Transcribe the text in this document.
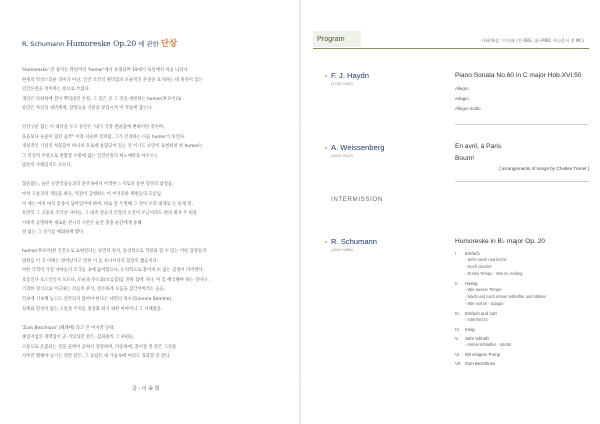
R. Schumann Humoreske Op.20 에 관한 단상

'Humoreske' 란 용어는 라틴어인 'humor'에서 유래되며 19세기 독일에서 처음 나타나
현재의 악상스러운 의미가 아닌, 인간 조건의 변덕함과 모순적인 본질을 표지하는 데 목적이 있는
인간본질을 의미하는 용으로 쓰였다.
개인은 다양성에 깊이 뿌리내린 본질, 그 깊은 곳 그 것을 대변하는 humor(후모어)로
슈만은 자신의 내면세계, 갈망들을 기분을 분리시켜 이 작품에 담는다.

악상구분 없는 이 대작을 두고 슈만은 "내가 가장 헌율함에 변하이던 것이며,
웃음보다 눈물이 담긴 음악" 이라 서술한 것처럼, 그가 전개하는 다음 humor가 보인다.
개성적인 기질의 허물함이 하나의 모토에 통합되어 있는 것 이기도 슈만이 표현하려 한 humor는
그 역설적 주관으로 전환할 수밖에 없는 인간본질의 희노애락을 아우르는
담론의 사례임지도 모른다.

협을잡는, 슬픈 슈만작품들과의 분주속에서 어색한 느끼로의 통한 형성의 낯설음,
마치 고통과의 개입을 하듯, 엇갈이 급변하는 이 어지러운 위변들의 흐름임.
이 예는 마치 아직 통증이 남아있어야 하며, 바로 앞 두번째 그 것이 우리 내게로 돈 송게 된,
슈만의 그 고통과 조각난 자아들, 그 내적 갈등과 긴장의 소산이 조금이라도 변의 필자 두 편을
시대적 공명하며 새로운 전시의 시간은 순간 총충 순간에게 통해
설 없는 그 진가를 예외하게 했다.

humor(후모어)란 인간으로 표현된다는 슈만의 정서, 통상적으로 격관화 할 수 있는 어떤 감정들의
범위를 이 곡 이에는 벗어난다고 말한 이 를 슈나이더의 함장의 짧음이다.
여한 국적이 가진 자아들의 조각들 속에 숨어있으나, 논리적으로 흩어져 수 없는 감정이 터미엔다.
호름인다 초드인인지 모르나, 모순과 푸르화(모를함)를 잔하 함에 지나, 어 있 해석해야 하는 것이다.
기괴한 형식으로 어긋내는 리듬의 분석, 전조하게 모음을 감각어버리는 음들,
악보에 기보해 놓고도 연주되지 않아야 한다는 내면의 목소리(innere Stimme),
실체와 형상이 없는 고통과 주의를 형상화 하기 위한 아마이니 그 자체였을.

'Zum Beschluss' (폐쇄에) 라고 쓴 마지막 단락,
종입지임의 정맥함이 곧 서입성만 같은, 감화종의 그 파편들,
고통으로 온몸되는 것을 균혀이 균혀서 진단하며, 악송하에, 꼼이질 것 같은 그것을
사무만 행해야 닝기는 것만 같은, 그 응답은 내 가슴속에 여러도 징화할 것 같다.

글 : 이 송 희
Program	사회/해설 : 이지와 (전 KBS, 대구MBC 아나운서 및 MC)
F. J. Haydn
(1732~1809)
Piano Sonata No.60 in C major Hob.XVI:50
Allegro
Adagio
Allegro molto
A. Weissenberg
(1929~2012)
En avril, à Paris
Boum!
[ arrangements of songs by Charles Trenet ]
INTERMISSION
R. Schumann
(1810~1856)
Humoreske in B♭ major Op. 20
I.	Einfach
- Sehr rasch und leicht
- Noch rascher
- Erstes Tempo · Wie im Anfang
II.	Hastig
- Wie ausser Tempo
- Nach und nach immer lebhafter und stärker
- Wie vorher · adagio
III.	Einfach und zart
- Intermezzo
IV.	Innig
V.	Sehr lebhaft
- Immer lebhafter · stretto
VI.	Mit einigem Pomp
VII. Zum Beschluss
